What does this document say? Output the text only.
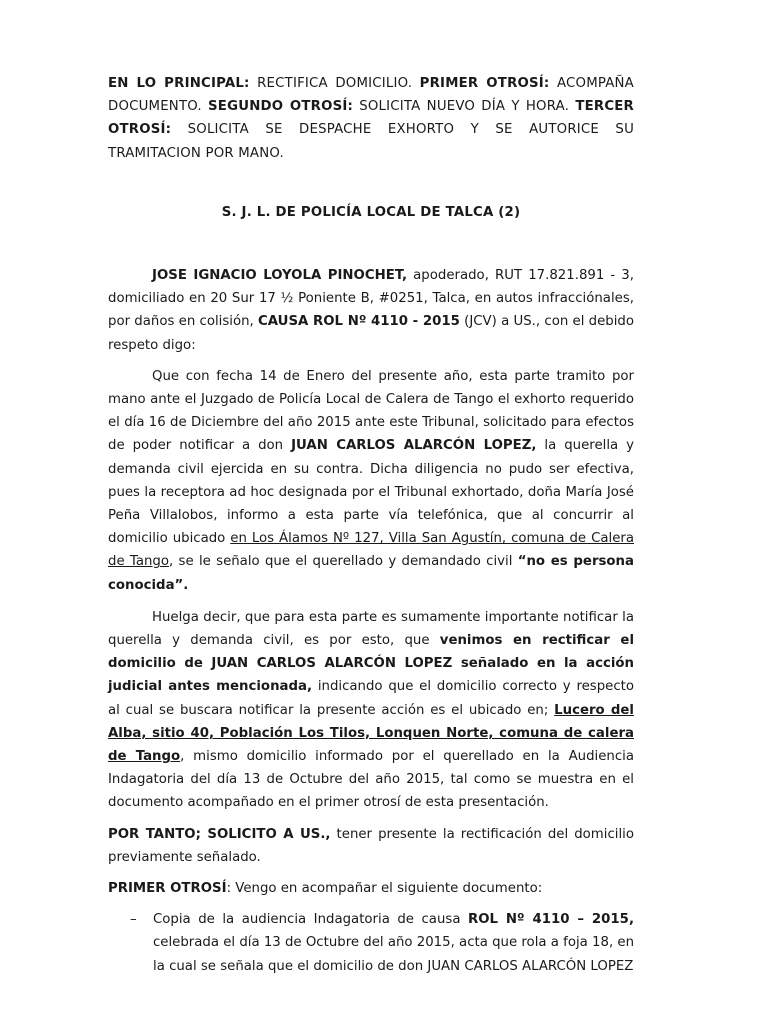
EN LO PRINCIPAL: RECTIFICA DOMICILIO. PRIMER OTROSÍ: ACOMPAÑA DOCUMENTO. SEGUNDO OTROSÍ: SOLICITA NUEVO DÍA Y HORA. TERCER OTROSÍ: SOLICITA SE DESPACHE EXHORTO Y SE AUTORICE SU TRAMITACION POR MANO.

S. J. L. DE POLICÍA LOCAL DE TALCA (2)

JOSE IGNACIO LOYOLA PINOCHET, apoderado, RUT 17.821.891 - 3, domiciliado en 20 Sur 17 ½ Poniente B, #0251, Talca, en autos infracciónales, por daños en colisión, CAUSA ROL Nº 4110 - 2015 (JCV) a US., con el debido respeto digo:

Que con fecha 14 de Enero del presente año, esta parte tramito por mano ante el Juzgado de Policía Local de Calera de Tango el exhorto requerido el día 16 de Diciembre del año 2015 ante este Tribunal, solicitado para efectos de poder notificar a don JUAN CARLOS ALARCÓN LOPEZ, la querella y demanda civil ejercida en su contra. Dicha diligencia no pudo ser efectiva, pues la receptora ad hoc designada por el Tribunal exhortado, doña María José Peña Villalobos, informo a esta parte vía telefónica, que al concurrir al domicilio ubicado en Los Álamos Nº 127, Villa San Agustín, comuna de Calera de Tango, se le señalo que el querellado y demandado civil “no es persona conocida”.

Huelga decir, que para esta parte es sumamente importante notificar la querella y demanda civil, es por esto, que venimos en rectificar el domicilio de JUAN CARLOS ALARCÓN LOPEZ señalado en la acción judicial antes mencionada, indicando que el domicilio correcto y respecto al cual se buscara notificar la presente acción es el ubicado en; Lucero del Alba, sitio 40, Población Los Tilos, Lonquen Norte, comuna de calera de Tango, mismo domicilio informado por el querellado en la Audiencia Indagatoria del día 13 de Octubre del año 2015, tal como se muestra en el documento acompañado en el primer otrosí de esta presentación.

POR TANTO; SOLICITO A US., tener presente la rectificación del domicilio previamente señalado.

PRIMER OTROSÍ: Vengo en acompañar el siguiente documento:

– Copia de la audiencia Indagatoria de causa ROL Nº 4110 – 2015, celebrada el día 13 de Octubre del año 2015, acta que rola a foja 18, en la cual se señala que el domicilio de don JUAN CARLOS ALARCÓN LOPEZ
